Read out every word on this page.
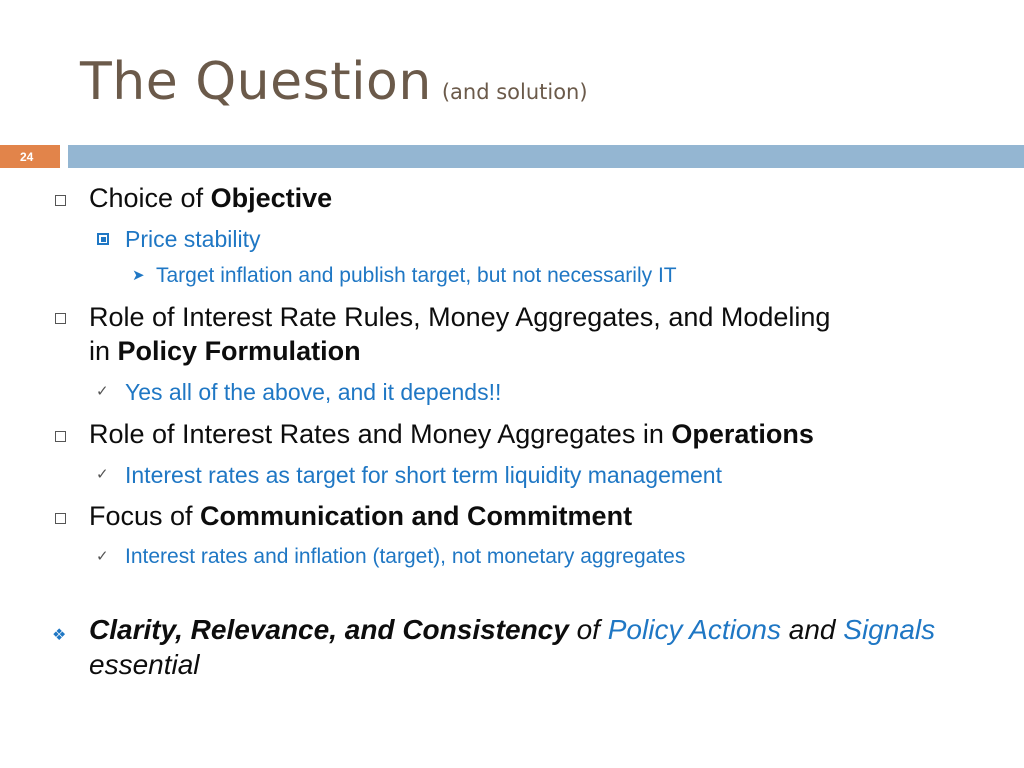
The Question (and solution)
24
Choice of Objective
Price stability
➤ Target inflation and publish target, but not necessarily IT
Role of Interest Rate Rules, Money Aggregates, and Modeling
in Policy Formulation
✓ Yes all of the above, and it depends!!
Role of Interest Rates and Money Aggregates in Operations
✓ Interest rates as target for short term liquidity management
Focus of Communication and Commitment
✓ Interest rates and inflation (target), not monetary aggregates
❖ Clarity, Relevance, and Consistency of Policy Actions and Signals
essential
